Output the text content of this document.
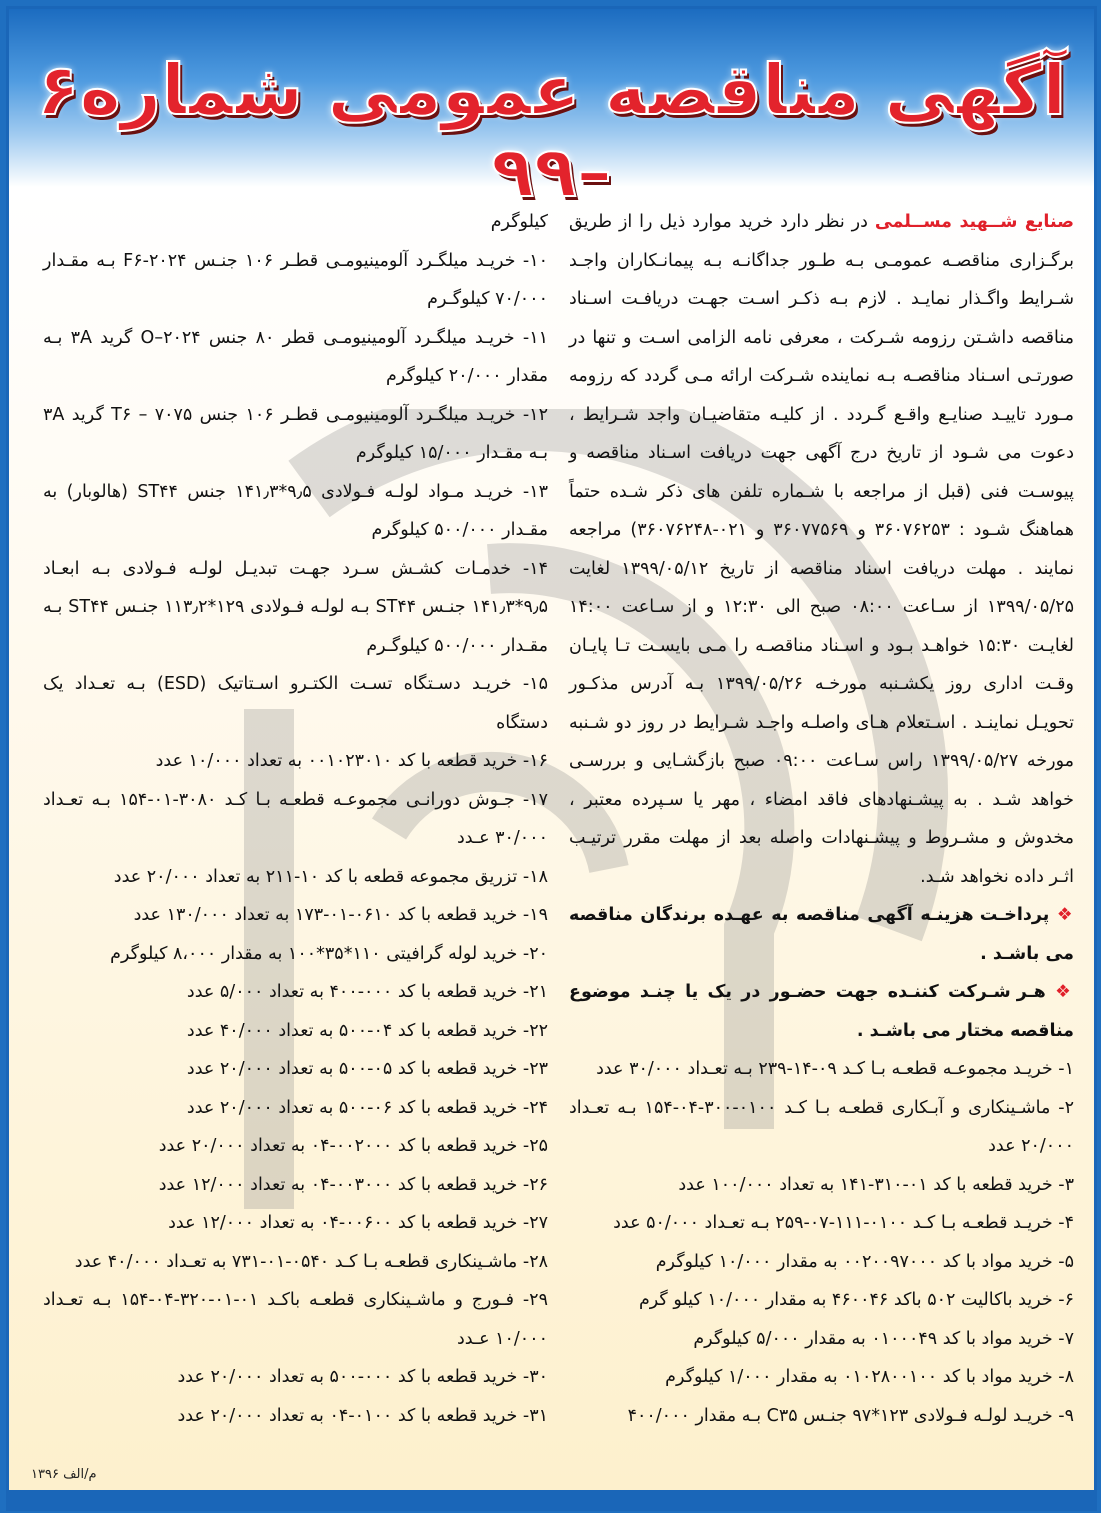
آگهی مناقصه عمومی شماره۶ –۹۹

صنایع شــهید مســلمی در نظر دارد خرید موارد ذیل را از طریق برگـزاری مناقصـه عمومـی بـه طـور جداگانـه بـه پیمانـکاران واجـد شـرایط واگـذار نمایـد . لازم بـه ذکـر اسـت جهـت دریافـت اسـناد مناقصه داشـتن رزومه شـرکت ، معرفی نامه الزامی اسـت و تنها در صورتـی اسـناد مناقصـه بـه نماینده شـرکت ارائه مـی گردد که رزومه مـورد تاییـد صنایـع واقـع گـردد . از کلیـه متقاضیـان واجد شـرایط ، دعوت می شـود از تاریخ درج آگهی جهت دریافت اسـناد مناقصه و پیوسـت فنی (قبل از مراجعه با شـماره تلفن های ذکر شـده حتماً هماهنگ شـود : ۳۶۰۷۶۲۵۳ و ۳۶۰۷۷۵۶۹ و ۰۲۱-۳۶۰۷۶۲۴۸) مراجعه نمایند . مهلت دریافت اسناد مناقصه از تاریخ ۱۳۹۹/۰۵/۱۲ لغایت ۱۳۹۹/۰۵/۲۵ از سـاعت ۰۸:۰۰ صبح الی ۱۲:۳۰ و از سـاعت ۱۴:۰۰ لغایـت ۱۵:۳۰ خواهـد بـود و اسـناد مناقصـه را مـی بایسـت تـا پایـان وقـت اداری روز یکشـنبه مورخـه ۱۳۹۹/۰۵/۲۶ بـه آدرس مذکـور تحویـل نماینـد . اسـتعلام هـای واصلـه واجـد شـرایط در روز دو شـنبه مورخه ۱۳۹۹/۰۵/۲۷ راس سـاعت ۰۹:۰۰ صبح بازگشـایی و بررسـی خواهد شـد . به پیشـنهادهای فاقد امضاء ، مهر یا سـپرده معتبر ، مخدوش و مشـروط و پیشـنهادات واصله بعد از مهلت مقرر ترتیـب اثـر داده نخواهد شـد.

❖ پرداخـت هزینـه آگهی مناقصه به عهـده برندگان مناقصه می باشـد .

❖ هـر شـرکت کننـده جهت حضـور در یک یا چنـد موضوع مناقصه مختار می باشـد .

۱- خریـد مجموعـه قطعـه بـا کـد ۰۹-۱۴-۲۳۹ بـه تعـداد ۳۰/۰۰۰ عدد

۲- ماشـینکاری و آبـکاری قطعـه بـا کـد ۰۱۰۰-۳۰۰-۰۴-۱۵۴ بـه تعـداد ۲۰/۰۰۰ عدد

۳- خرید قطعه با کد ۰۱-۳۱۰-۱۴۱ به تعداد ۱۰۰/۰۰۰ عدد

۴- خریـد قطعـه بـا کـد ۰۱۰۰-۱۱۱-۰۷-۲۵۹ بـه تعـداد ۵۰/۰۰۰ عدد

۵- خرید مواد با کد ۰۰۲۰۰۹۷۰۰۰ به مقدار ۱۰/۰۰۰ کیلوگرم

۶- خرید باکالیت ۵۰۲ باکد ۴۶۰۰۴۶ به مقدار ۱۰/۰۰۰ کیلو گرم

۷- خرید مواد با کد ۰۱۰۰۰۴۹ به مقدار ۵/۰۰۰ کیلوگرم

۸- خرید مواد با کد ۰۱۰۲۸۰۰۱۰۰ به مقدار ۱/۰۰۰ کیلوگرم

۹- خریـد لولـه فـولادی ۱۲۳*۹۷ جنـس C۳۵ بـه مقدار ۴۰۰/۰۰۰

کیلوگرم

۱۰- خریـد میلگـرد آلومینیومـی قطـر ۱۰۶ جنـس ۲۰۲۴-F۶ بـه مقـدار ۷۰/۰۰۰ کیلوگـرم

۱۱- خریـد میلگـرد آلومینیومـی قطر ۸۰ جنس ۲۰۲۴–O گرید ۳A بـه مقدار ۲۰/۰۰۰ کیلوگرم

۱۲- خریـد میلگـرد آلومینیومـی قطـر ۱۰۶ جنس ۷۰۷۵ – T۶ گرید ۳A بـه مقـدار ۱۵/۰۰۰ کیلوگرم

۱۳- خریـد مـواد لولـه فـولادی ۹٫۵*۱۴۱٫۳ جنس ST۴۴ (هالوبار) به مقـدار ۵۰۰/۰۰۰ کیلوگرم

۱۴- خدمـات کشـش سـرد جهـت تبدیـل لولـه فـولادی بـه ابعـاد ۹٫۵*۱۴۱٫۳ جنـس ST۴۴ بـه لولـه فـولادی ۱۲۹*۱۱۳٫۲ جنـس ST۴۴ بـه مقـدار ۵۰۰/۰۰۰ کیلوگـرم

۱۵- خریـد دسـتگاه تسـت الکتـرو اسـتاتیک (ESD) بـه تعـداد یک دستگاه

۱۶- خرید قطعه با کد ۰۰۱۰۲۳۰۱۰ به تعداد ۱۰/۰۰۰ عدد

۱۷- جـوش دورانـی مجموعـه قطعـه بـا کـد ۳۰۸۰-۰۱-۱۵۴ بـه تعـداد ۳۰/۰۰۰ عـدد

۱۸- تزریق مجموعه قطعه با کد ۱۰-۲۱۱ به تعداد ۲۰/۰۰۰ عدد

۱۹- خرید قطعه با کد ۰۶۱۰-۰۱-۱۷۳ به تعداد ۱۳۰/۰۰۰ عدد

۲۰- خرید لوله گرافیتی ۱۱۰*۳۵*۱۰۰ به مقدار ۸،۰۰۰ کیلوگرم

۲۱- خرید قطعه با کد ۰۰۰-۴۰۰ به تعداد ۵/۰۰۰ عدد

۲۲- خرید قطعه با کد ۰۴-۵۰۰ به تعداد ۴۰/۰۰۰ عدد

۲۳- خرید قطعه با کد ۰۵-۵۰۰ به تعداد ۲۰/۰۰۰ عدد

۲۴- خرید قطعه با کد ۰۶-۵۰۰ به تعداد ۲۰/۰۰۰ عدد

۲۵- خرید قطعه با کد ۰۰۲۰۰۰-۰۴ به تعداد ۲۰/۰۰۰ عدد

۲۶- خرید قطعه با کد ۰۰۳۰۰۰-۰۴ به تعداد ۱۲/۰۰۰ عدد

۲۷- خرید قطعه با کد ۰۰۶۰۰-۰۴ به تعداد ۱۲/۰۰۰ عدد

۲۸- ماشـینکاری قطعـه بـا کـد ۰۵۴۰-۰۱-۷۳۱ به تعـداد ۴۰/۰۰۰ عدد

۲۹- فـورج و ماشـینکاری قطعـه باکـد ۰۱-۰۱-۳۲۰-۰۴-۱۵۴ بـه تعـداد ۱۰/۰۰۰ عـدد

۳۰- خرید قطعه با کد ۰۰۰-۵۰۰ به تعداد ۲۰/۰۰۰ عدد

۳۱- خرید قطعه با کد ۰۱۰۰-۰۴ به تعداد ۲۰/۰۰۰ عدد

م/الف ۱۳۹۶
